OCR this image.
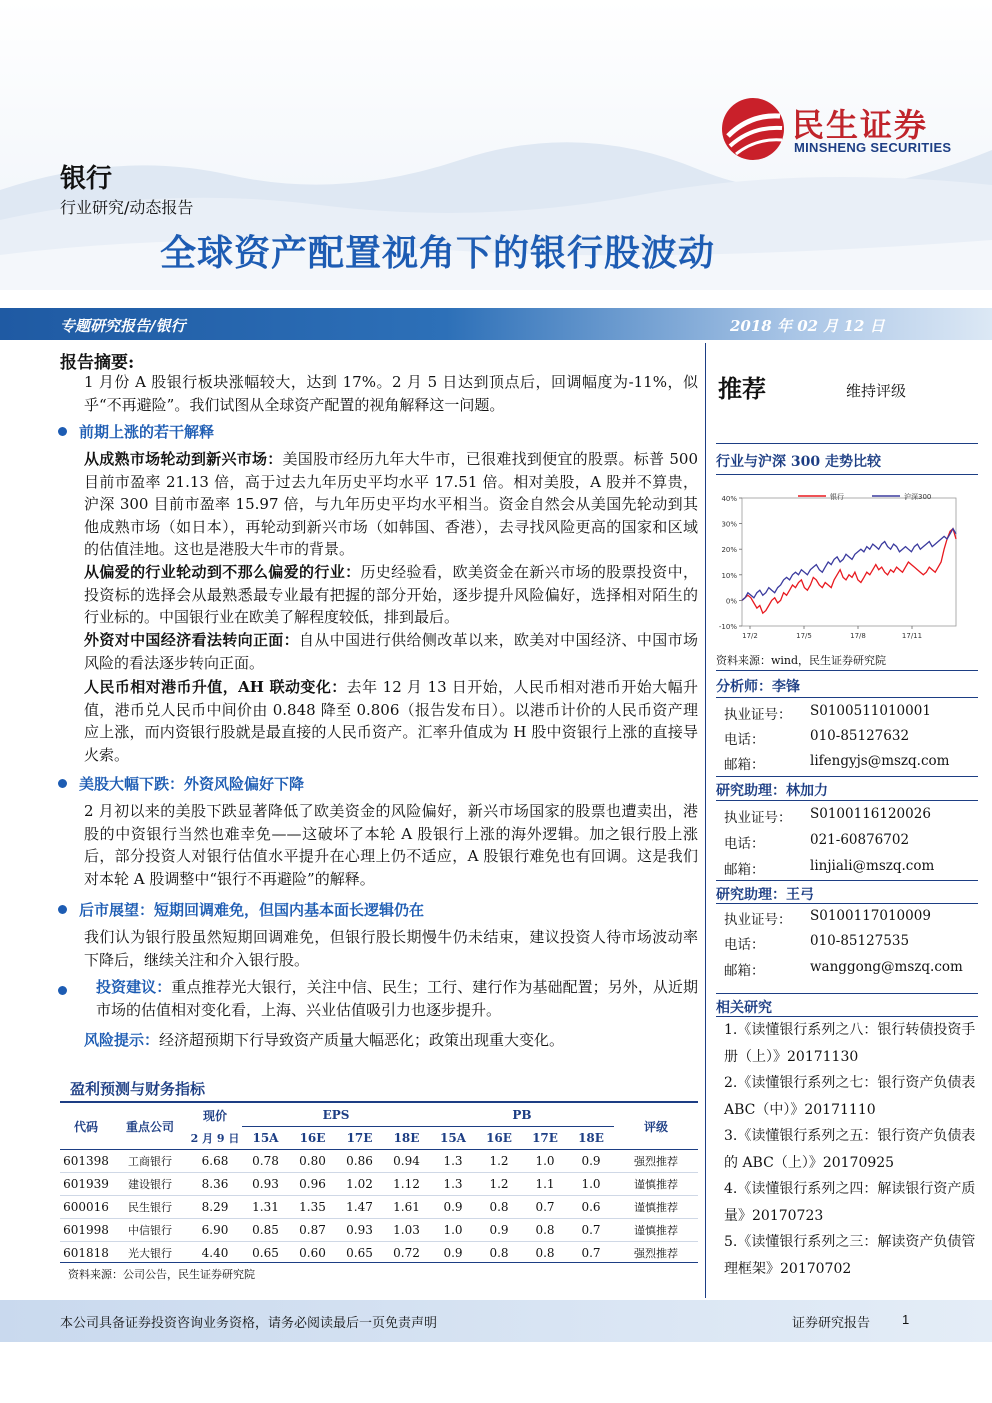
民生证券
MINSHENG SECURITIES
银行
行业研究/动态报告
全球资产配置视角下的银行股波动
专题研究报告/银行	2018 年 02 月 12 日
报告摘要:
1 月份 A 股银行板块涨幅较大，达到 17%。2 月 5 日达到顶点后，回调幅度为-11%，似乎“不再避险”。我们试图从全球资产配置的视角解释这一问题。
前期上涨的若干解释
从成熟市场轮动到新兴市场：美国股市经历九年大牛市，已很难找到便宜的股票。标普 500 目前市盈率 21.13 倍，高于过去九年历史平均水平 17.51 倍。相对美股，A 股并不算贵，沪深 300 目前市盈率 15.97 倍，与九年历史平均水平相当。资金自然会从美国先轮动到其他成熟市场（如日本），再轮动到新兴市场（如韩国、香港），去寻找风险更高的国家和区域的估值洼地。这也是港股大牛市的背景。
从偏爱的行业轮动到不那么偏爱的行业：历史经验看，欧美资金在新兴市场的股票投资中，投资标的选择会从最熟悉最专业最有把握的部分开始，逐步提升风险偏好，选择相对陌生的行业标的。中国银行业在欧美了解程度较低，排到最后。
外资对中国经济看法转向正面：自从中国进行供给侧改革以来，欧美对中国经济、中国市场风险的看法逐步转向正面。
人民币相对港币升值，AH 联动变化：去年 12 月 13 日开始，人民币相对港币开始大幅升值，港币兑人民币中间价由 0.848 降至 0.806（报告发布日）。以港币计价的人民币资产理应上涨，而内资银行股就是最直接的人民币资产。汇率升值成为 H 股中资银行上涨的直接导火索。
美股大幅下跌：外资风险偏好下降
2 月初以来的美股下跌显著降低了欧美资金的风险偏好，新兴市场国家的股票也遭卖出，港股的中资银行当然也难幸免——这破坏了本轮 A 股银行上涨的海外逻辑。加之银行股上涨后，部分投资人对银行估值水平提升在心理上仍不适应，A 股银行难免也有回调。这是我们对本轮 A 股调整中“银行不再避险”的解释。
后市展望：短期回调难免，但国内基本面长逻辑仍在
我们认为银行股虽然短期回调难免，但银行股长期慢牛仍未结束，建议投资人待市场波动率下降后，继续关注和介入银行股。
投资建议：重点推荐光大银行，关注中信、民生；工行、建行作为基础配置；另外，从近期市场的估值相对变化看，上海、兴业估值吸引力也逐步提升。
风险提示：经济超预期下行导致资产质量大幅恶化；政策出现重大变化。
盈利预测与财务指标
代码	重点公司	现价	EPS				PB				评级
		2 月 9 日	15A	16E	17E	18E	15A	16E	17E	18E	
601398	工商银行	6.68	0.78	0.80	0.86	0.94	1.3	1.2	1.0	0.9	强烈推荐
601939	建设银行	8.36	0.93	0.96	1.02	1.12	1.3	1.2	1.1	1.0	谨慎推荐
600016	民生银行	8.29	1.31	1.35	1.47	1.61	0.9	0.8	0.7	0.6	谨慎推荐
601998	中信银行	6.90	0.85	0.87	0.93	1.03	1.0	0.9	0.8	0.7	谨慎推荐
601818	光大银行	4.40	0.65	0.60	0.65	0.72	0.9	0.8	0.8	0.7	强烈推荐
资料来源：公司公告，民生证券研究院
推荐	维持评级
行业与沪深 300 走势比较
40%
30%
20%
10%
0%
-10%
17/2	17/5	17/8	17/11
银行	沪深300
资料来源：wind，民生证券研究院
分析师：李锋
执业证号： S0100511010001
电话：	010-85127632
邮箱：	lifengyjs@mszq.com
研究助理：林加力
执业证号： S0100116120026
电话：	021-60876702
邮箱：	linjiali@mszq.com
研究助理：王弓
执业证号： S0100117010009
电话：	010-85127535
邮箱：	wanggong@mszq.com
相关研究
1.《读懂银行系列之八：银行转债投资手册（上）》20171130
2.《读懂银行系列之七：银行资产负债表 ABC（中）》20171110
3.《读懂银行系列之五：银行资产负债表的 ABC（上）》20170925
4.《读懂银行系列之四：解读银行资产质量》20170723
5.《读懂银行系列之三：解读资产负债管理框架》20170702
本公司具备证券投资咨询业务资格，请务必阅读最后一页免责声明	证券研究报告 1
